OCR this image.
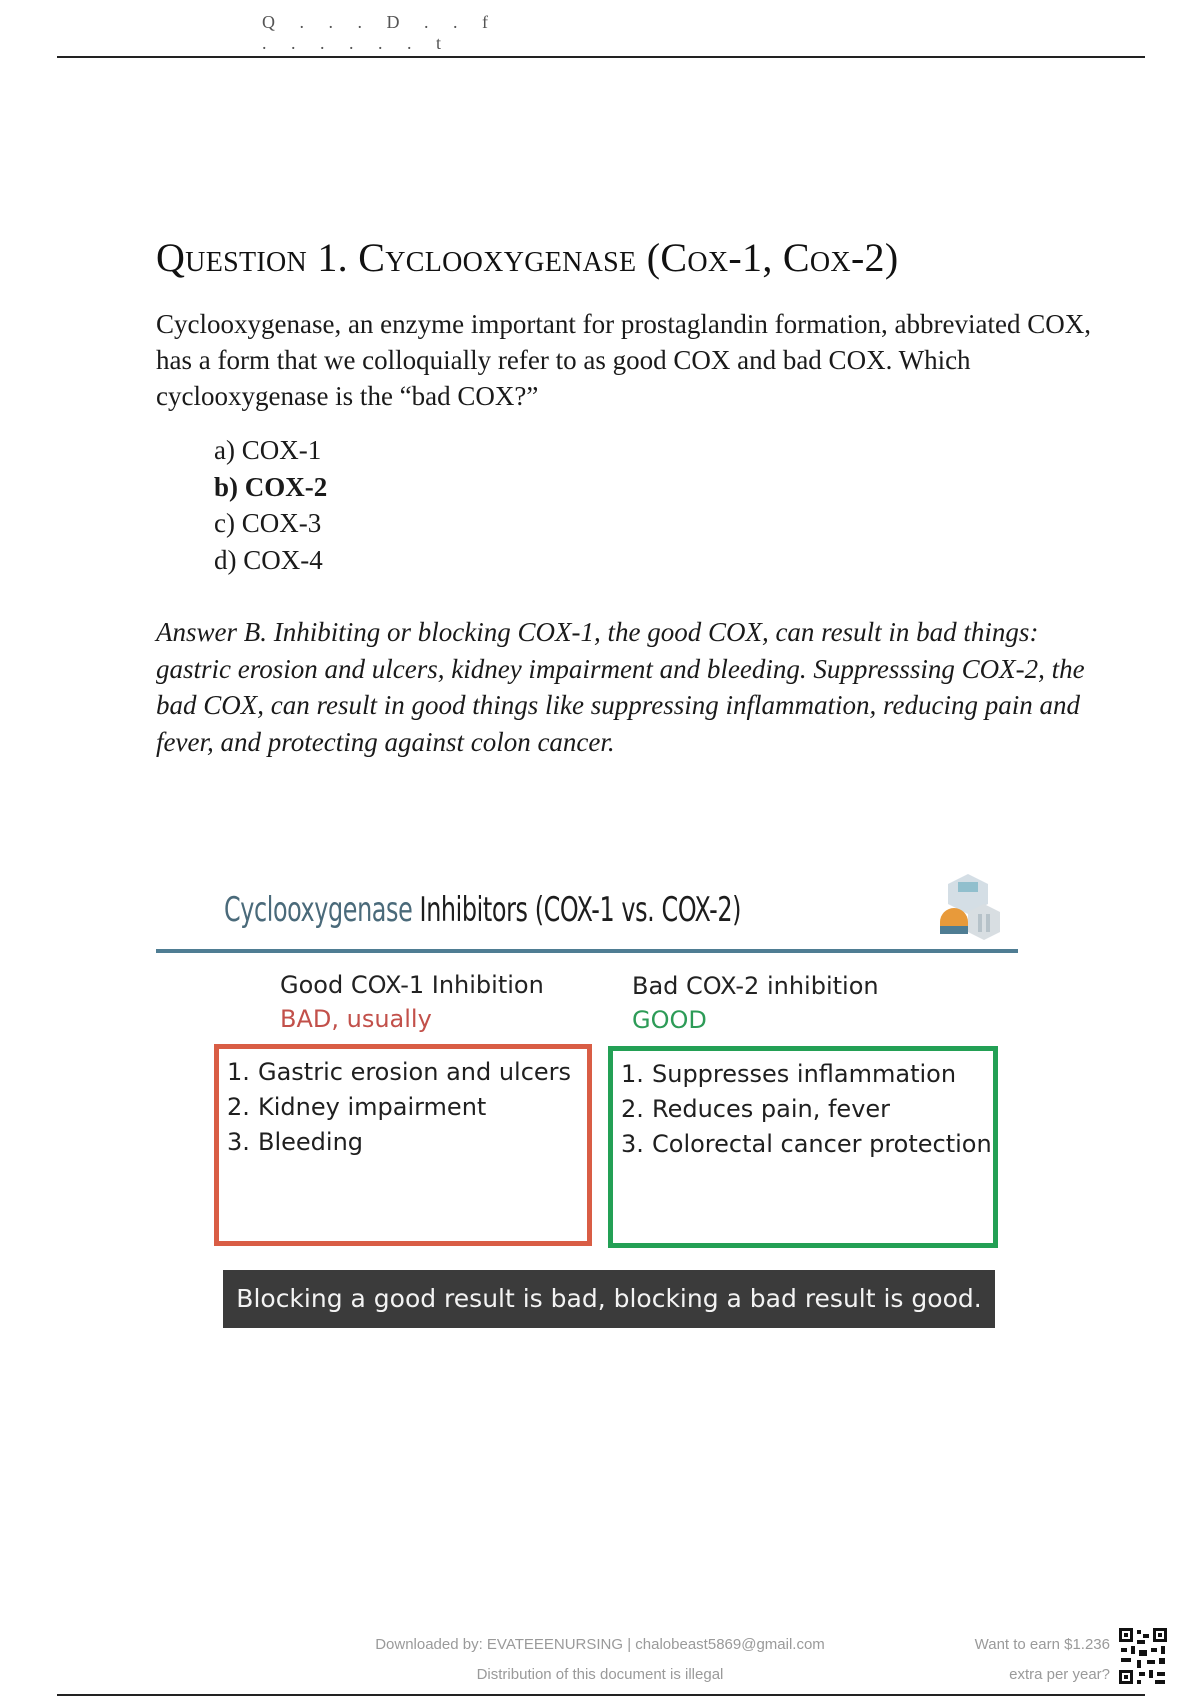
Q . . . D . . f . . . . . . t
Question 1. Cyclooxygenase (Cox-1, Cox-2)

Cyclooxygenase, an enzyme important for prostaglandin formation, abbreviated COX, has a form that we colloquially refer to as good COX and bad COX. Which cyclooxygenase is the “bad COX?”

a) COX-1
b) COX-2
c) COX-3
d) COX-4

Answer B. Inhibiting or blocking COX-1, the good COX, can result in bad things: gastric erosion and ulcers, kidney impairment and bleeding. Suppresssing COX-2, the bad COX, can result in good things like suppressing inflammation, reducing pain and fever, and protecting against colon cancer.

Cyclooxygenase Inhibitors (COX-1 vs. COX-2)
Good COX-1 Inhibition
BAD, usually
Bad COX-2 inhibition
GOOD
1. Gastric erosion and ulcers
2. Kidney impairment
3. Bleeding
1. Suppresses inflammation
2. Reduces pain, fever
3. Colorectal cancer protection
Blocking a good result is bad, blocking a bad result is good.
Downloaded by: EVATEEENURSING | chalobeast5869@gmail.com
Distribution of this document is illegal
Want to earn $1.236
extra per year?
